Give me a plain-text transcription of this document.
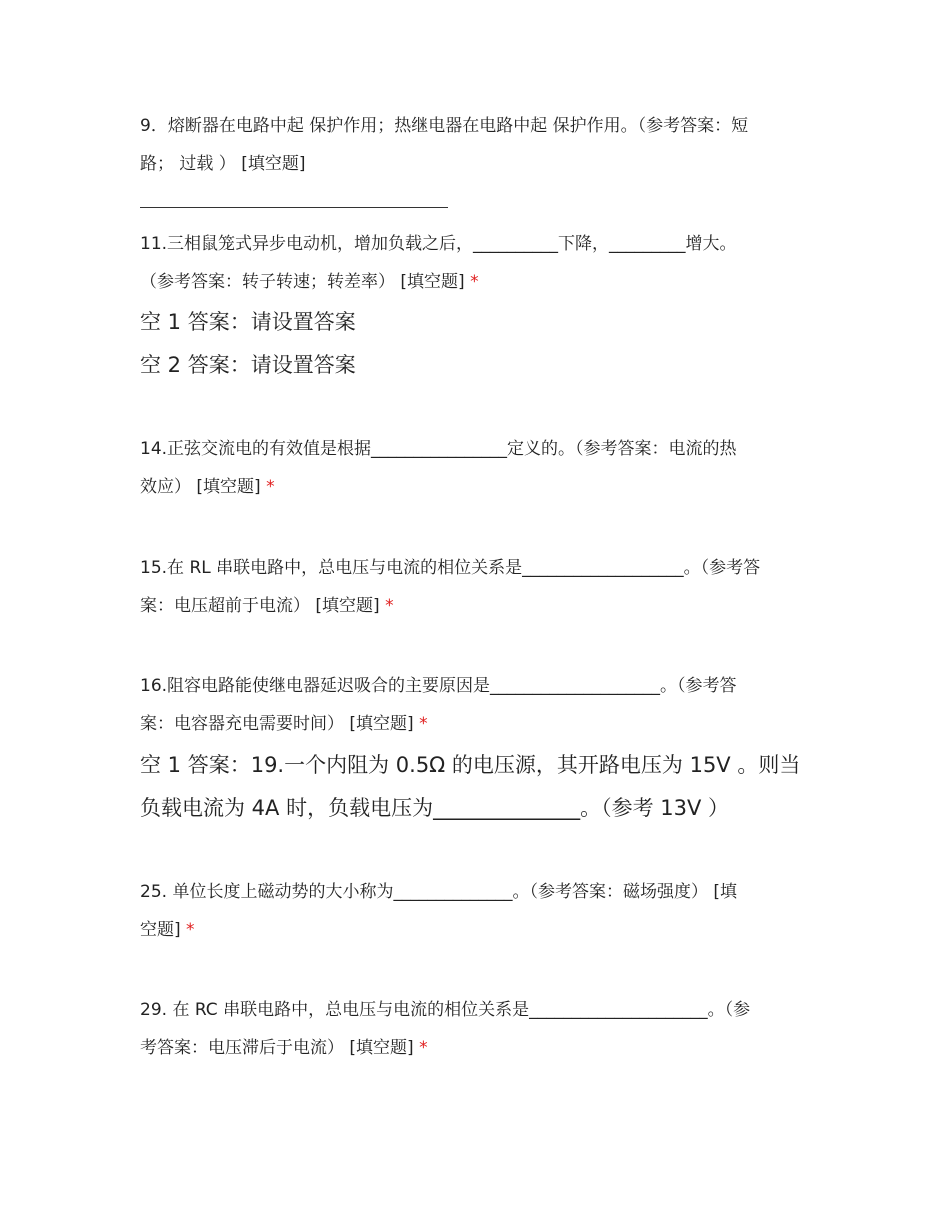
9．熔断器在电路中起 保护作用；热继电器在电路中起 保护作用。（参考答案：短
路； 过载 ） [填空题]
11.三相鼠笼式异步电动机，增加负载之后，__________下降，_________增大。
（参考答案：转子转速；转差率） [填空题] *
空 1 答案：请设置答案
空 2 答案：请设置答案
14.正弦交流电的有效值是根据________________定义的。（参考答案：电流的热
效应） [填空题] *
15.在 RL 串联电路中，总电压与电流的相位关系是___________________。（参考答
案：电压超前于电流） [填空题] *
16.阻容电路能使继电器延迟吸合的主要原因是____________________。（参考答
案：电容器充电需要时间） [填空题] *
空 1 答案：19.一个内阻为 0.5Ω 的电压源，其开路电压为 15V 。则当
负载电流为 4A 时，负载电压为______________。（参考 13V ）
25. 单位长度上磁动势的大小称为______________。（参考答案：磁场强度） [填
空题] *
29. 在 RC 串联电路中，总电压与电流的相位关系是_____________________。（参
考答案：电压滞后于电流） [填空题] *
